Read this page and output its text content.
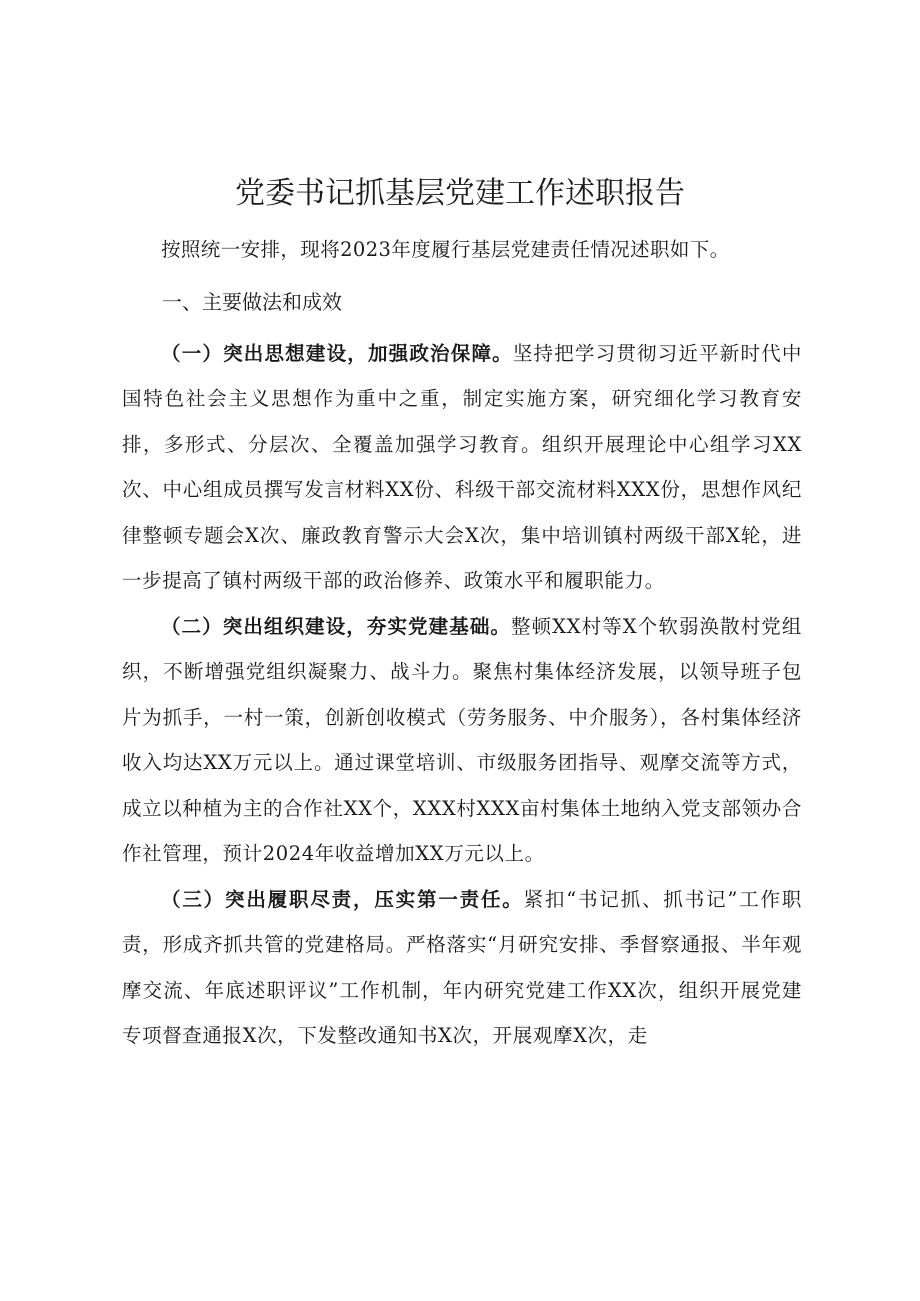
党委书记抓基层党建工作述职报告

按照统一安排，现将2023年度履行基层党建责任情况述职如下。

一、主要做法和成效

（一）突出思想建设，加强政治保障。坚持把学习贯彻习近平新时代中国特色社会主义思想作为重中之重，制定实施方案，研究细化学习教育安排，多形式、分层次、全覆盖加强学习教育。组织开展理论中心组学习XX次、中心组成员撰写发言材料XX份、科级干部交流材料XXX份，思想作风纪律整顿专题会X次、廉政教育警示大会X次，集中培训镇村两级干部X轮，进一步提高了镇村两级干部的政治修养、政策水平和履职能力。

（二）突出组织建设，夯实党建基础。整顿XX村等X个软弱涣散村党组织，不断增强党组织凝聚力、战斗力。聚焦村集体经济发展，以领导班子包片为抓手，一村一策，创新创收模式（劳务服务、中介服务），各村集体经济收入均达XX万元以上。通过课堂培训、市级服务团指导、观摩交流等方式，成立以种植为主的合作社XX个，XXX村XXX亩村集体土地纳入党支部领办合作社管理，预计2024年收益增加XX万元以上。

（三）突出履职尽责，压实第一责任。紧扣“书记抓、抓书记”工作职责，形成齐抓共管的党建格局。严格落实“月研究安排、季督察通报、半年观摩交流、年底述职评议”工作机制，年内研究党建工作XX次，组织开展党建专项督查通报X次，下发整改通知书X次，开展观摩X次，走
